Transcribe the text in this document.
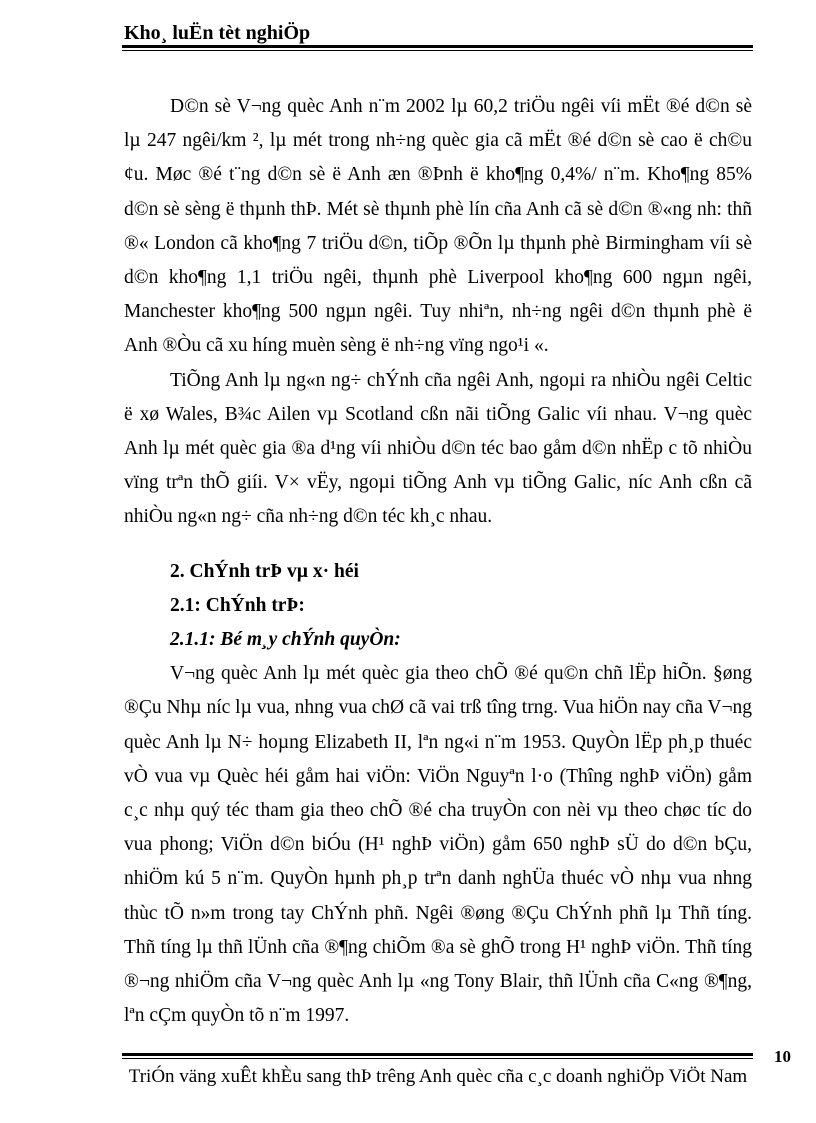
Kho¸ luËn tèt nghiÖp

D©n sè V¬ng quèc Anh n¨m 2002 lµ 60,2 triÖu ngêi víi mËt ®é d©n sè lµ 247 ngêi/km ², lµ mét trong nh÷ng quèc gia cã mËt ®é d©n sè cao ë ch©u ¢u. Møc ®é t¨ng d©n sè ë Anh æn ®Þnh ë kho¶ng 0,4%/ n¨m. Kho¶ng 85% d©n sè sèng ë thµnh thÞ. Mét sè thµnh phè lín cña Anh cã sè d©n ®«ng nh: thñ ®« London cã kho¶ng 7 triÖu d©n, tiÕp ®Õn lµ thµnh phè Birmingham víi sè d©n kho¶ng 1,1 triÖu ngêi, thµnh phè Liverpool kho¶ng 600 ngµn ngêi, Manchester kho¶ng 500 ngµn ngêi. Tuy nhiªn, nh÷ng ngêi d©n thµnh phè ë Anh ®Òu cã xu híng muèn sèng ë nh÷ng vïng ngo¹i «.

TiÕng Anh lµ ng«n ng÷ chÝnh cña ngêi Anh, ngoµi ra nhiÒu ngêi Celtic ë xø Wales, B¾c Ailen vµ Scotland cßn nãi tiÕng Galic víi nhau. V¬ng quèc Anh lµ mét quèc gia ®a d¹ng víi nhiÒu d©n téc bao gåm d©n nhËp c tõ nhiÒu vïng trªn thÕ giíi. V× vËy, ngoµi tiÕng Anh vµ tiÕng Galic, níc Anh cßn cã nhiÒu ng«n ng÷ cña nh÷ng d©n téc kh¸c nhau.

2. ChÝnh trÞ vµ x· héi
2.1: ChÝnh trÞ:
2.1.1: Bé m¸y chÝnh quyÒn:

V¬ng quèc Anh lµ mét quèc gia theo chÕ ®é qu©n chñ lËp hiÕn. §øng ®Çu Nhµ níc lµ vua, nhng vua chØ cã vai trß tîng trng. Vua hiÖn nay cña V¬ng quèc Anh lµ N÷ hoµng Elizabeth II, lªn ng«i n¨m 1953. QuyÒn lËp ph¸p thuéc vÒ vua vµ Quèc héi gåm hai viÖn: ViÖn Nguyªn l·o (Thîng nghÞ viÖn) gåm c¸c nhµ quý téc tham gia theo chÕ ®é cha truyÒn con nèi vµ theo chøc tíc do vua phong; ViÖn d©n biÓu (H¹ nghÞ viÖn) gåm 650 nghÞ sÜ do d©n bÇu, nhiÖm kú 5 n¨m. QuyÒn hµnh ph¸p trªn danh nghÜa thuéc vÒ nhµ vua nhng thùc tÕ n»m trong tay ChÝnh phñ. Ngêi ®øng ®Çu ChÝnh phñ lµ Thñ tíng. Thñ tíng lµ thñ lÜnh cña ®¶ng chiÕm ®a sè ghÕ trong H¹ nghÞ viÖn. Thñ tíng ®¬ng nhiÖm cña V¬ng quèc Anh lµ «ng Tony Blair, thñ lÜnh cña C«ng ®¶ng, lªn cÇm quyÒn tõ n¨m 1997.

10
TriÓn väng xuÊt khÈu sang thÞ trêng Anh quèc cña c¸c doanh nghiÖp ViÖt Nam
